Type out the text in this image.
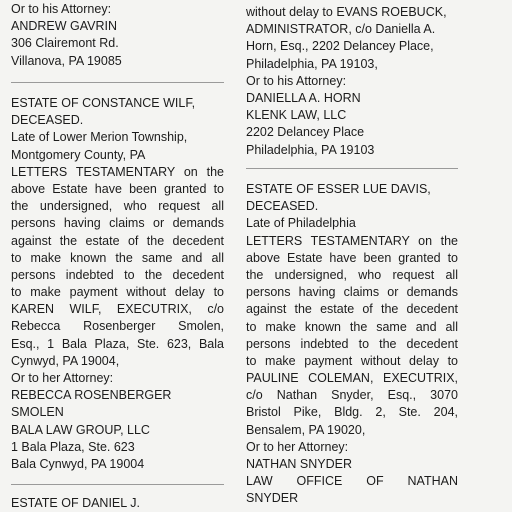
Or to his Attorney:
ANDREW GAVRIN
306 Clairemont Rd.
Villanova, PA 19085
ESTATE OF CONSTANCE WILF,
DECEASED.
Late of Lower Merion Township,
Montgomery County, PA
LETTERS TESTAMENTARY on the
above Estate have been granted to
the undersigned, who request all
persons having claims or demands
against the estate of the decedent
to make known the same and all
persons indebted to the decedent
to make payment without delay to
KAREN WILF, EXECUTRIX, c/o
Rebecca Rosenberger Smolen,
Esq., 1 Bala Plaza, Ste. 623, Bala
Cynwyd, PA 19004,
Or to her Attorney:
REBECCA ROSENBERGER
SMOLEN
BALA LAW GROUP, LLC
1 Bala Plaza, Ste. 623
Bala Cynwyd, PA 19004
ESTATE OF DANIEL J.
without delay to EVANS ROEBUCK,
ADMINISTRATOR, c/o Daniella A.
Horn, Esq., 2202 Delancey Place,
Philadelphia, PA 19103,
Or to his Attorney:
DANIELLA A. HORN
KLENK LAW, LLC
2202 Delancey Place
Philadelphia, PA 19103
ESTATE OF ESSER LUE DAVIS,
DECEASED.
Late of Philadelphia
LETTERS TESTAMENTARY on the
above Estate have been granted to
the undersigned, who request all
persons having claims or demands
against the estate of the decedent
to make known the same and all
persons indebted to the decedent
to make payment without delay to
PAULINE COLEMAN, EXECUTRIX,
c/o Nathan Snyder, Esq., 3070
Bristol Pike, Bldg. 2, Ste. 204,
Bensalem, PA 19020,
Or to her Attorney:
NATHAN SNYDER
LAW OFFICE OF NATHAN
SNYDER
